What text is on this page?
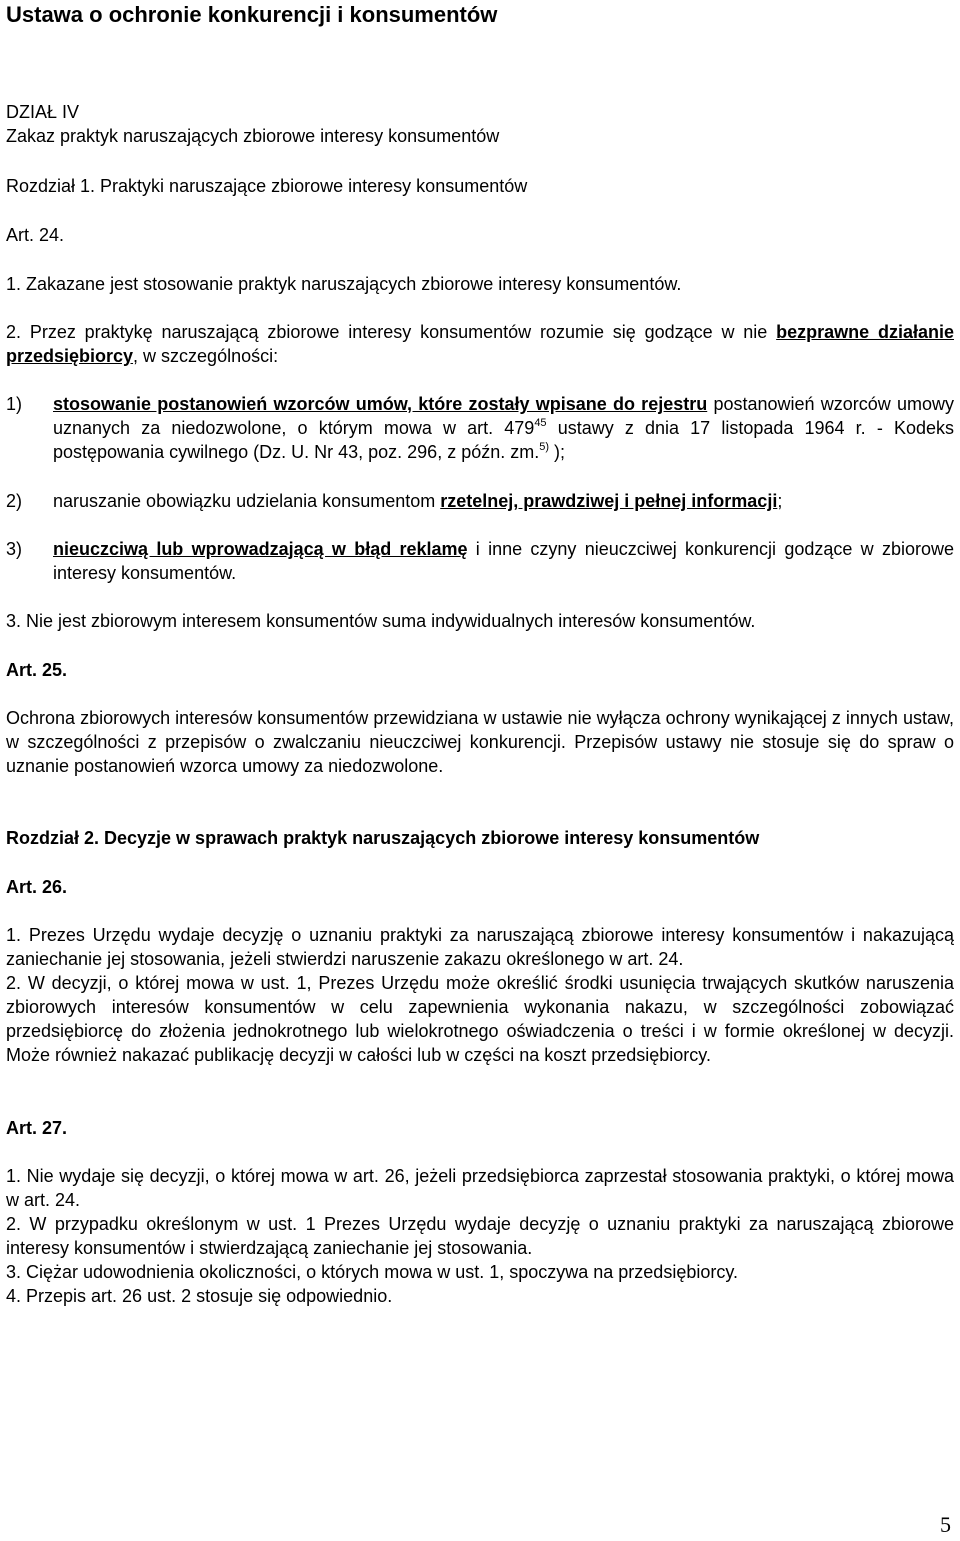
Ustawa o ochronie konkurencji i konsumentów
DZIAŁ IV
Zakaz praktyk naruszających zbiorowe interesy konsumentów
Rozdział 1. Praktyki naruszające zbiorowe interesy konsumentów
Art. 24.
1. Zakazane jest stosowanie praktyk naruszających zbiorowe interesy konsumentów.
2. Przez praktykę naruszającą zbiorowe interesy konsumentów rozumie się godzące w nie bezprawne działanie przedsiębiorcy, w szczególności:
1) stosowanie postanowień wzorców umów, które zostały wpisane do rejestru postanowień wzorców umowy uznanych za niedozwolone, o którym mowa w art. $479^{45}$ ustawy z dnia 17 listopada 1964 r. - Kodeks postępowania cywilnego (Dz. U. Nr 43, poz. 296, z późn. zm.$^{5)}$ );
2) naruszanie obowiązku udzielania konsumentom rzetelnej, prawdziwej i pełnej informacji;
3) nieuczciwą lub wprowadzającą w błąd reklamę i inne czyny nieuczciwej konkurencji godzące w zbiorowe interesy konsumentów.
3. Nie jest zbiorowym interesem konsumentów suma indywidualnych interesów konsumentów.
Art. 25.
Ochrona zbiorowych interesów konsumentów przewidziana w ustawie nie wyłącza ochrony wynikającej z innych ustaw, w szczególności z przepisów o zwalczaniu nieuczciwej konkurencji. Przepisów ustawy nie stosuje się do spraw o uznanie postanowień wzorca umowy za niedozwolone.
Rozdział 2. Decyzje w sprawach praktyk naruszających zbiorowe interesy konsumentów
Art. 26.
1. Prezes Urzędu wydaje decyzję o uznaniu praktyki za naruszającą zbiorowe interesy konsumentów i nakazującą zaniechanie jej stosowania, jeżeli stwierdzi naruszenie zakazu określonego w art. 24.
2. W decyzji, o której mowa w ust. 1, Prezes Urzędu może określić środki usunięcia trwających skutków naruszenia zbiorowych interesów konsumentów w celu zapewnienia wykonania nakazu, w szczególności zobowiązać przedsiębiorcę do złożenia jednokrotnego lub wielokrotnego oświadczenia o treści i w formie określonej w decyzji. Może również nakazać publikację decyzji w całości lub w części na koszt przedsiębiorcy.
Art. 27.
1. Nie wydaje się decyzji, o której mowa w art. 26, jeżeli przedsiębiorca zaprzestał stosowania praktyki, o której mowa w art. 24.
2. W przypadku określonym w ust. 1 Prezes Urzędu wydaje decyzję o uznaniu praktyki za naruszającą zbiorowe interesy konsumentów i stwierdzającą zaniechanie jej stosowania.
3. Ciężar udowodnienia okoliczności, o których mowa w ust. 1, spoczywa na przedsiębiorcy.
4. Przepis art. 26 ust. 2 stosuje się odpowiednio.
5
